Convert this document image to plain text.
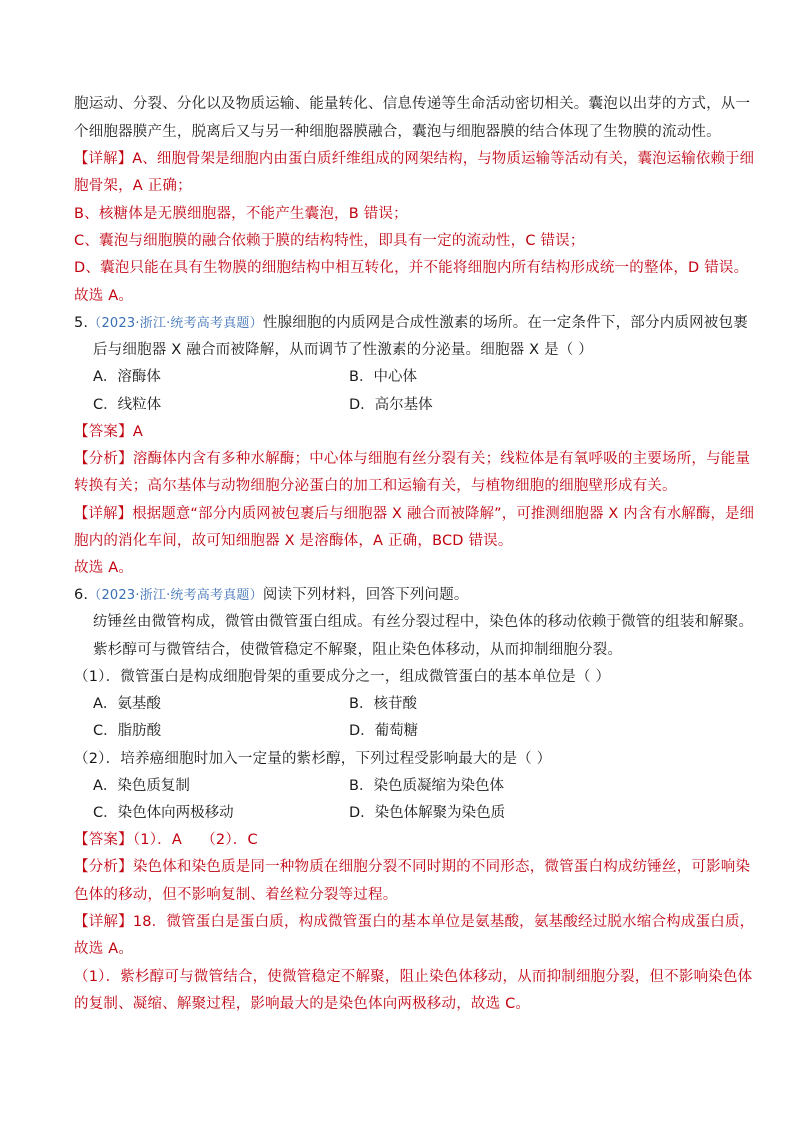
胞运动、分裂、分化以及物质运输、能量转化、信息传递等生命活动密切相关。囊泡以出芽的方式，从一
个细胞器膜产生，脱离后又与另一种细胞器膜融合，囊泡与细胞器膜的结合体现了生物膜的流动性。
【详解】A、细胞骨架是细胞内由蛋白质纤维组成的网架结构，与物质运输等活动有关，囊泡运输依赖于细
胞骨架，A 正确；
B、核糖体是无膜细胞器，不能产生囊泡，B 错误；
C、囊泡与细胞膜的融合依赖于膜的结构特性，即具有一定的流动性，C 错误；
D、囊泡只能在具有生物膜的细胞结构中相互转化，并不能将细胞内所有结构形成统一的整体，D 错误。
故选 A。
5.（2023·浙江·统考高考真题）性腺细胞的内质网是合成性激素的场所。在一定条件下，部分内质网被包裹
后与细胞器 X 融合而被降解，从而调节了性激素的分泌量。细胞器 X 是（ ）
A．溶酶体	B．中心体
C．线粒体	D．高尔基体
【答案】A
【分析】溶酶体内含有多种水解酶；中心体与细胞有丝分裂有关；线粒体是有氧呼吸的主要场所，与能量
转换有关；高尔基体与动物细胞分泌蛋白的加工和运输有关，与植物细胞的细胞壁形成有关。
【详解】根据题意“部分内质网被包裹后与细胞器 X 融合而被降解”，可推测细胞器 X 内含有水解酶，是细
胞内的消化车间，故可知细胞器 X 是溶酶体，A 正确，BCD 错误。
故选 A。
6.（2023·浙江·统考高考真题）阅读下列材料，回答下列问题。
纺锤丝由微管构成，微管由微管蛋白组成。有丝分裂过程中，染色体的移动依赖于微管的组装和解聚。
紫杉醇可与微管结合，使微管稳定不解聚，阻止染色体移动，从而抑制细胞分裂。
（1）．微管蛋白是构成细胞骨架的重要成分之一，组成微管蛋白的基本单位是（ ）
A．氨基酸	B．核苷酸
C．脂肪酸	D．葡萄糖
（2）．培养癌细胞时加入一定量的紫杉醇，下列过程受影响最大的是（ ）
A．染色质复制	B．染色质凝缩为染色体
C．染色体向两极移动	D．染色体解聚为染色质
【答案】（1）．A    （2）．C
【分析】染色体和染色质是同一种物质在细胞分裂不同时期的不同形态，微管蛋白构成纺锤丝，可影响染
色体的移动，但不影响复制、着丝粒分裂等过程。
【详解】18．微管蛋白是蛋白质，构成微管蛋白的基本单位是氨基酸，氨基酸经过脱水缩合构成蛋白质，
故选 A。
（1）．紫杉醇可与微管结合，使微管稳定不解聚，阻止染色体移动，从而抑制细胞分裂，但不影响染色体
的复制、凝缩、解聚过程，影响最大的是染色体向两极移动，故选 C。
